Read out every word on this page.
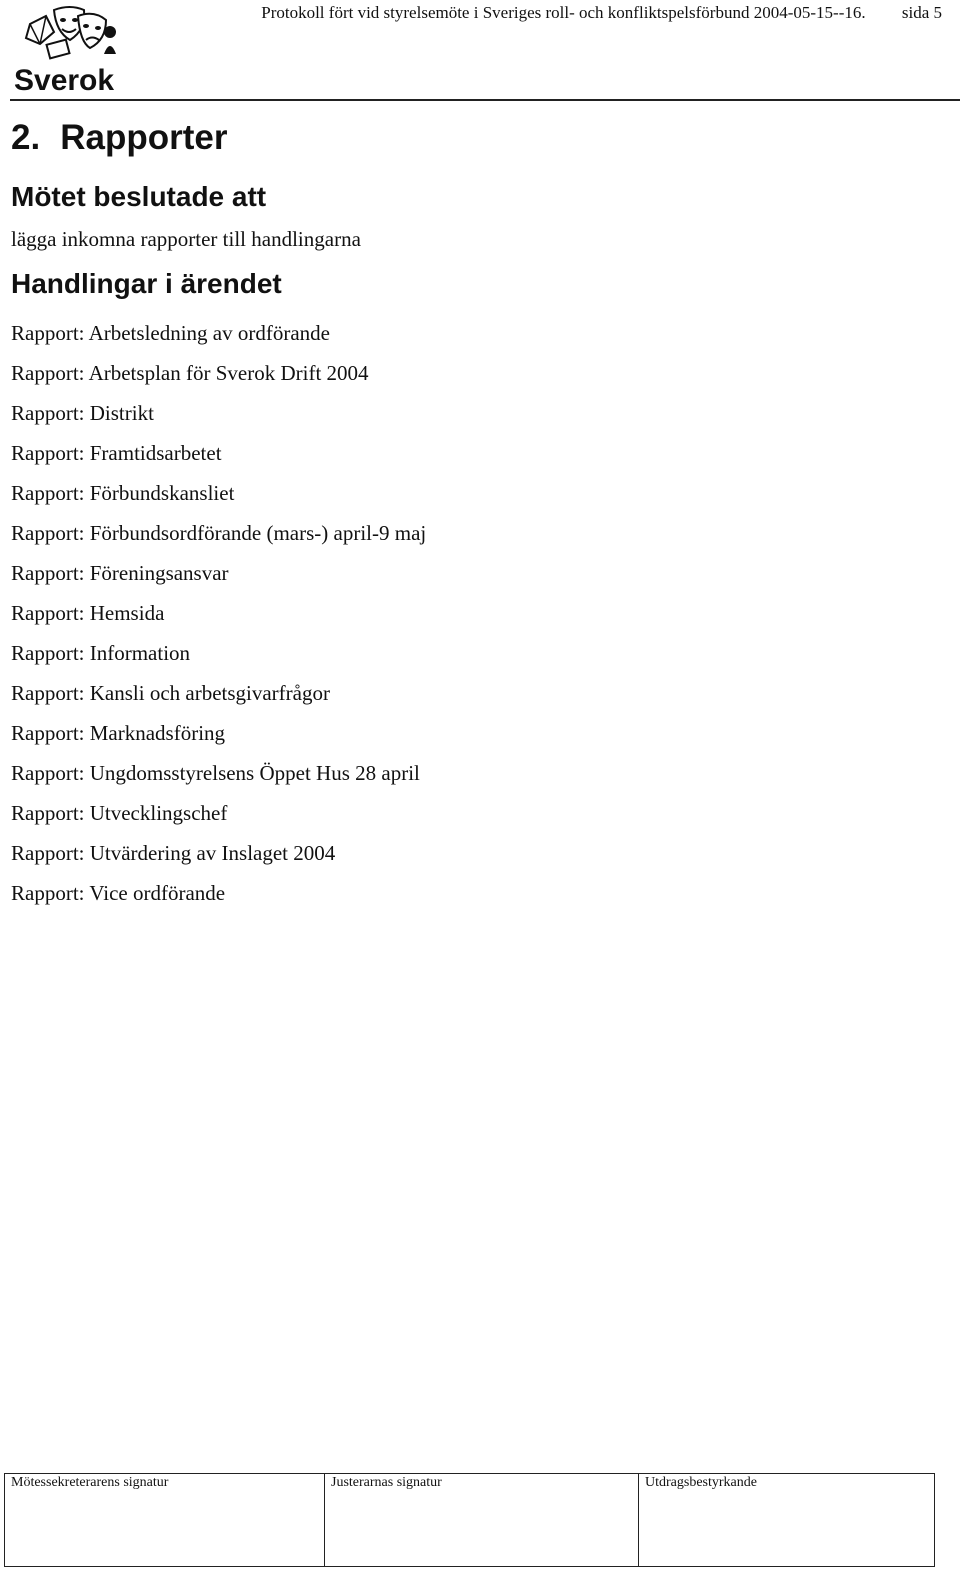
Sverok
Protokoll fört vid styrelsemöte i Sveriges roll- och konfliktspelsförbund 2004-05-15--16. sida 5
2. Rapporter
Mötet beslutade att

lägga inkomna rapporter till handlingarna

Handlingar i ärendet
Rapport: Arbetsledning av ordförande
Rapport: Arbetsplan för Sverok Drift 2004
Rapport: Distrikt
Rapport: Framtidsarbetet
Rapport: Förbundskansliet
Rapport: Förbundsordförande (mars-) april-9 maj
Rapport: Föreningsansvar
Rapport: Hemsida
Rapport: Information
Rapport: Kansli och arbetsgivarfrågor
Rapport: Marknadsföring
Rapport: Ungdomsstyrelsens Öppet Hus 28 april
Rapport: Utvecklingschef
Rapport: Utvärdering av Inslaget 2004
Rapport: Vice ordförande
Mötessekreterarens signatur	Justerarnas signatur	Utdragsbestyrkande
